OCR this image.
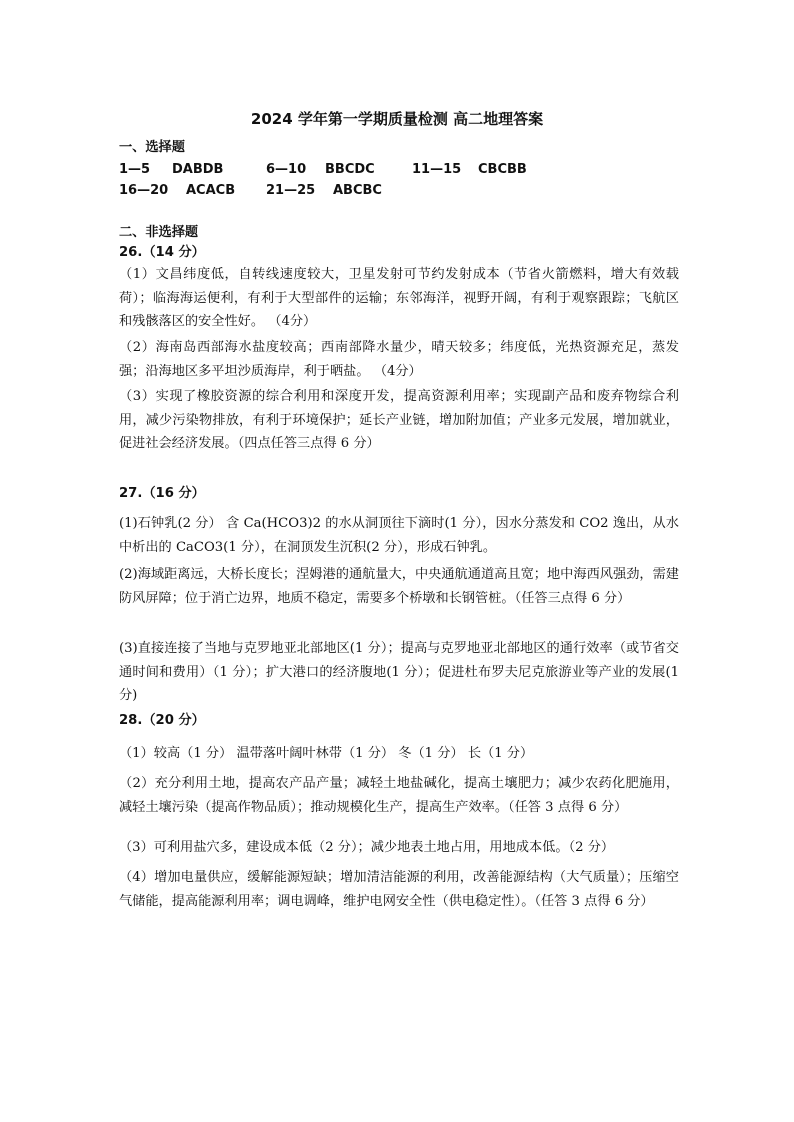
2024 学年第一学期质量检测 高二地理答案
一、选择题
1—5 DABDB	6—10 BBCDC	11—15 CBCBB
16—20 ACACB 21—25 ABCBC
二、非选择题
26.（14 分）
（1）文昌纬度低，自转线速度较大，卫星发射可节约发射成本（节省火箭燃料，增大有效载荷）；临海海运便利，有利于大型部件的运输；东邻海洋，视野开阔，有利于观察跟踪；飞航区和残骸落区的安全性好。 （4分）
（2）海南岛西部海水盐度较高；西南部降水量少，晴天较多；纬度低，光热资源充足，蒸发强；沿海地区多平坦沙质海岸，利于晒盐。 （4分）
（3）实现了橡胶资源的综合利用和深度开发，提高资源利用率；实现副产品和废弃物综合利用，减少污染物排放，有利于环境保护；延长产业链，增加附加值；产业多元发展，增加就业，促进社会经济发展。（四点任答三点得 6 分）
27.（16 分）
(1)石钟乳(2 分） 含 Ca(HCO3)2 的水从洞顶往下滴时(1 分），因水分蒸发和 CO2 逸出，从水中析出的 CaCO3(1 分），在洞顶发生沉积(2 分），形成石钟乳。
(2)海域距离远，大桥长度长；涅姆港的通航量大，中央通航通道高且宽；地中海西风强劲，需建防风屏障；位于消亡边界，地质不稳定，需要多个桥墩和长钢管桩。（任答三点得 6 分）
(3)直接连接了当地与克罗地亚北部地区(1 分）；提高与克罗地亚北部地区的通行效率（或节省交通时间和费用）（1 分）；扩大港口的经济腹地(1 分）；促进杜布罗夫尼克旅游业等产业的发展(1 分)
28.（20 分）
（1）较高（1 分） 温带落叶阔叶林带（1 分） 冬（1 分） 长（1 分）
（2）充分利用土地，提高农产品产量；减轻土地盐碱化，提高土壤肥力；减少农药化肥施用，减轻土壤污染（提高作物品质）；推动规模化生产，提高生产效率。（任答 3 点得 6 分）
（3）可利用盐穴多，建设成本低（2 分）；减少地表土地占用，用地成本低。（2 分）
（4）增加电量供应，缓解能源短缺；增加清洁能源的利用，改善能源结构（大气质量）；压缩空气储能，提高能源利用率；调电调峰，维护电网安全性（供电稳定性）。（任答 3 点得 6 分）
